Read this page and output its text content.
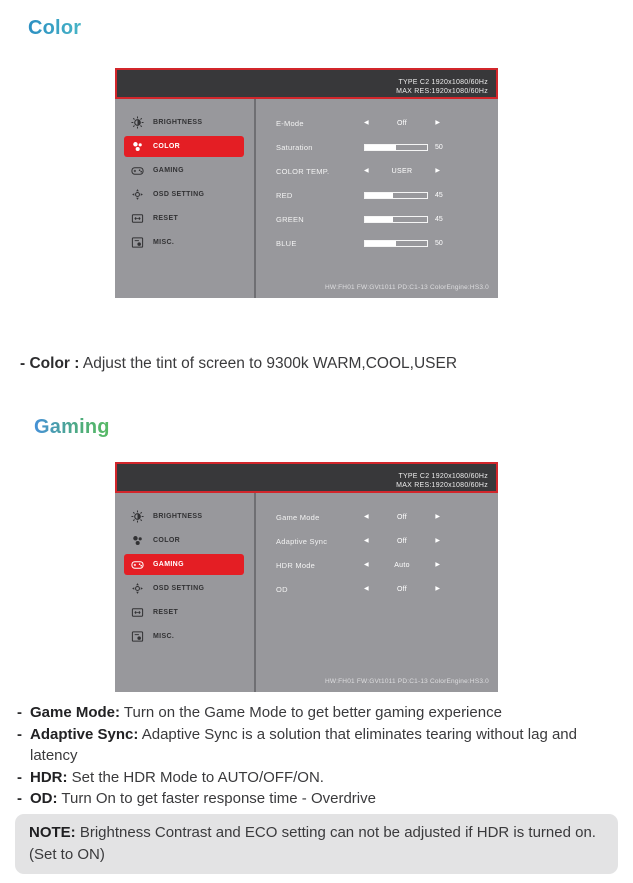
Color
TYPE C2 1920x1080/60Hz
MAX RES:1920x1080/60Hz
BRIGHTNESS
COLOR
GAMING
OSD SETTING
RESET
MISC.
E-Mode	◀	Off	▶
Saturation	50
COLOR TEMP.	◀	USER	▶
RED	45
GREEN	45
BLUE	50
HW:FH01 FW:GVt1011 PD:C1-13 ColorEngine:HS3.0
- Color : Adjust the tint of screen to 9300k WARM,COOL,USER
Gaming
TYPE C2 1920x1080/60Hz
MAX RES:1920x1080/60Hz
BRIGHTNESS
COLOR
GAMING
OSD SETTING
RESET
MISC.
Game Mode	◀	Off	▶
Adaptive Sync	◀	Off	▶
HDR Mode	◀	Auto	▶
OD	◀	Off	▶
HW:FH01 FW:GVt1011 PD:C1-13 ColorEngine:HS3.0
- Game Mode: Turn on the Game Mode to get better gaming experience
- Adaptive Sync: Adaptive Sync is a solution that eliminates tearing without lag and latency
- HDR: Set the HDR Mode to AUTO/OFF/ON.
- OD: Turn On to get faster response time - Overdrive
NOTE: Brightness Contrast and ECO setting can not be adjusted if HDR is turned on. (Set to ON)
